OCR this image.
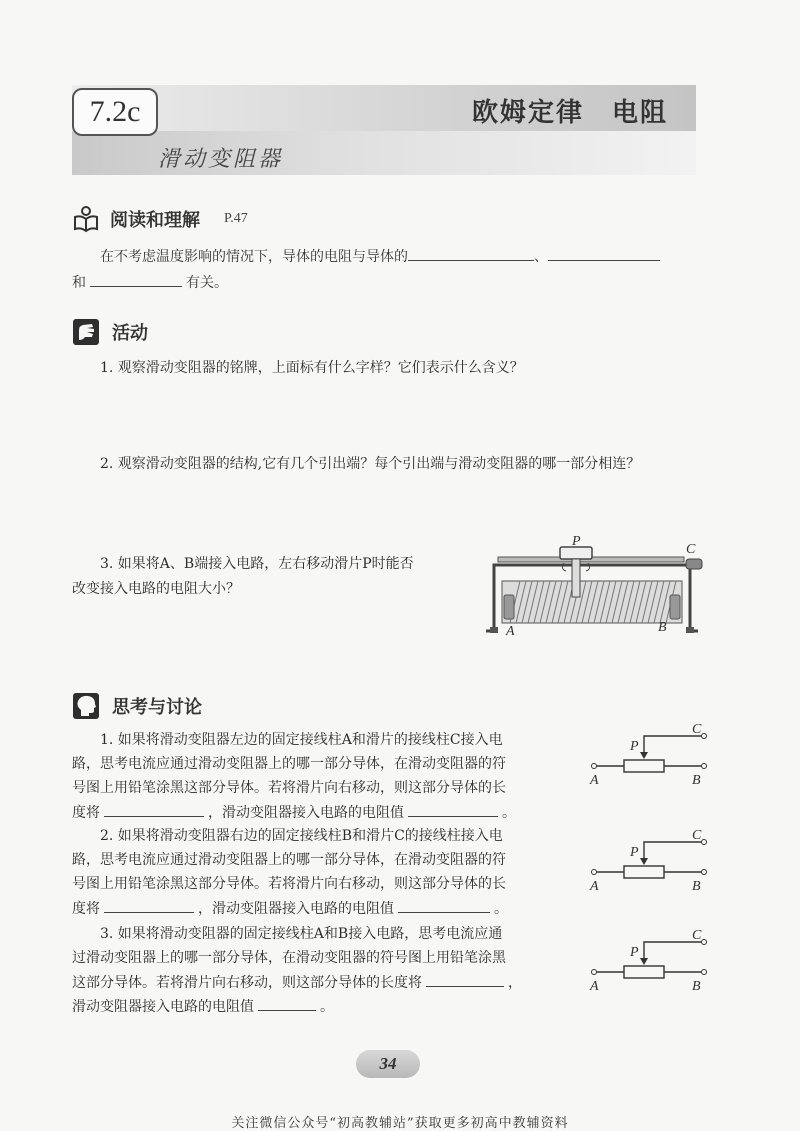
7.2c	欧姆定律　电阻
滑动变阻器
阅读和理解 P.47
在不考虑温度影响的情况下，导体的电阻与导体的	、
和	有关。
活动
1. 观察滑动变阻器的铭牌，上面标有什么字样？它们表示什么含义？
2. 观察滑动变阻器的结构,它有几个引出端？每个引出端与滑动变阻器的哪一部分相连？
3. 如果将A、B端接入电路，左右移动滑片P时能否
改变接入电路的电阻大小？
P
C
A	B
思考与讨论
1. 如果将滑动变阻器左边的固定接线柱A和滑片的接线柱C接入电
路，思考电流应通过滑动变阻器上的哪一部分导体，在滑动变阻器的符
号图上用铅笔涂黑这部分导体。若将滑片向右移动，则这部分导体的长
度将	，滑动变阻器接入电路的电阻值	。
2. 如果将滑动变阻器右边的固定接线柱B和滑片C的接线柱接入电
路，思考电流应通过滑动变阻器上的哪一部分导体，在滑动变阻器的符
号图上用铅笔涂黑这部分导体。若将滑片向右移动，则这部分导体的长
度将	，滑动变阻器接入电路的电阻值	。
3. 如果将滑动变阻器的固定接线柱A和B接入电路，思考电流应通
过滑动变阻器上的哪一部分导体，在滑动变阻器的符号图上用铅笔涂黑
这部分导体。若将滑片向右移动，则这部分导体的长度将	，
滑动变阻器接入电路的电阻值	。
P
C
A	B
P
C
A	B
P
C
A	B
34
关注微信公众号“初高教辅站”获取更多初高中教辅资料
